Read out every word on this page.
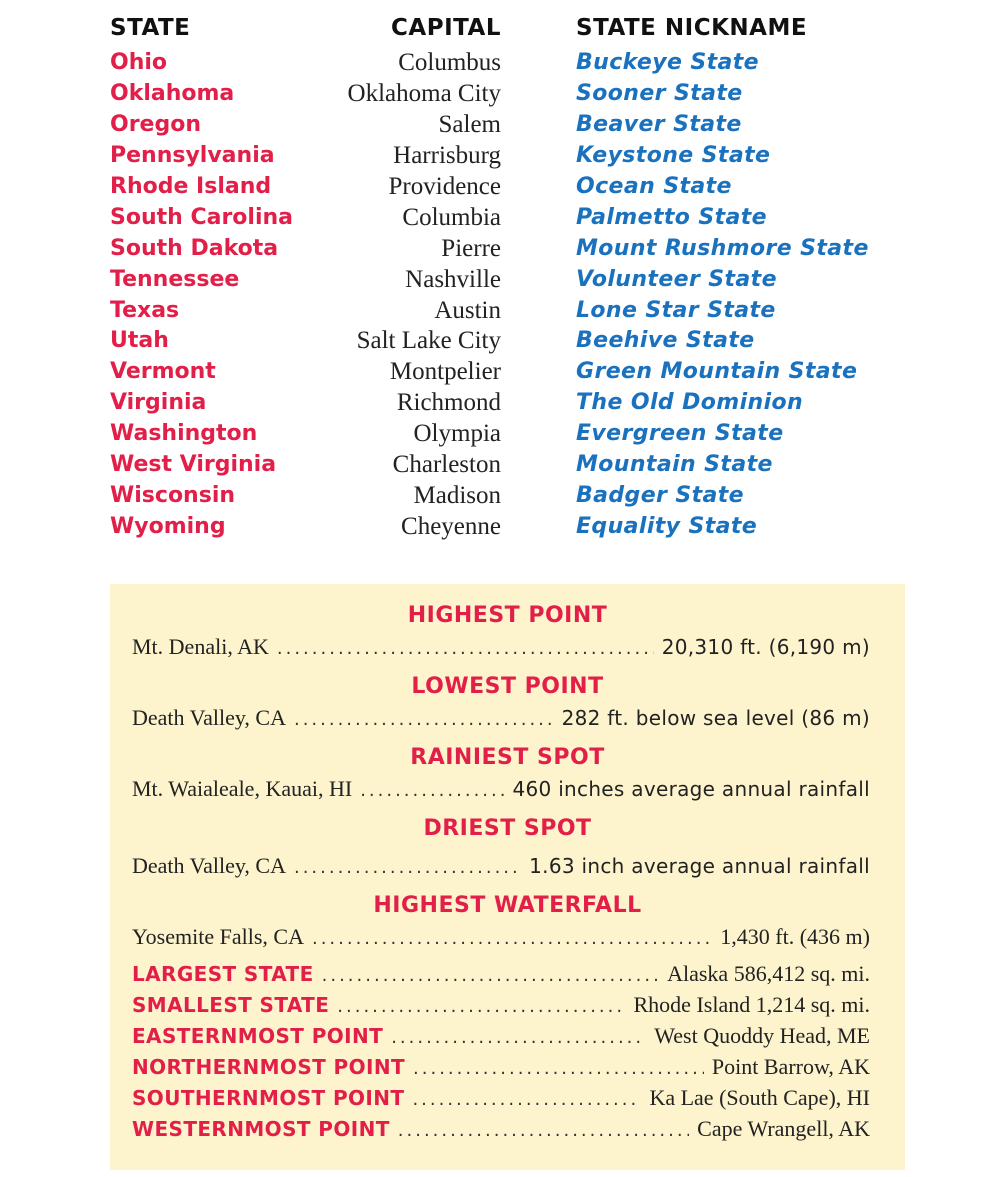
STATE	CAPITAL	STATE NICKNAME
Ohio	Columbus	Buckeye State
Oklahoma	Oklahoma City	Sooner State
Oregon	Salem	Beaver State
Pennsylvania	Harrisburg	Keystone State
Rhode Island	Providence	Ocean State
South Carolina	Columbia	Palmetto State
South Dakota	Pierre	Mount Rushmore State
Tennessee	Nashville	Volunteer State
Texas	Austin	Lone Star State
Utah	Salt Lake City	Beehive State
Vermont	Montpelier	Green Mountain State
Virginia	Richmond	The Old Dominion
Washington	Olympia	Evergreen State
West Virginia	Charleston	Mountain State
Wisconsin	Madison	Badger State
Wyoming	Cheyenne	Equality State
HIGHEST POINT
Mt. Denali, AK .....	20,310 ft. (6,190 m)
LOWEST POINT
Death Valley, CA .....	282 ft. below sea level (86 m)
RAINIEST SPOT
Mt. Waialeale, Kauai, HI .....	460 inches average annual rainfall
DRIEST SPOT
Death Valley, CA .....	1.63 inch average annual rainfall
HIGHEST WATERFALL
Yosemite Falls, CA .....	1,430 ft. (436 m)
LARGEST STATE .....	Alaska 586,412 sq. mi.
SMALLEST STATE .....	Rhode Island 1,214 sq. mi.
EASTERNMOST POINT .....	West Quoddy Head, ME
NORTHERNMOST POINT .....	Point Barrow, AK
SOUTHERNMOST POINT .....	Ka Lae (South Cape), HI
WESTERNMOST POINT .....	Cape Wrangell, AK
